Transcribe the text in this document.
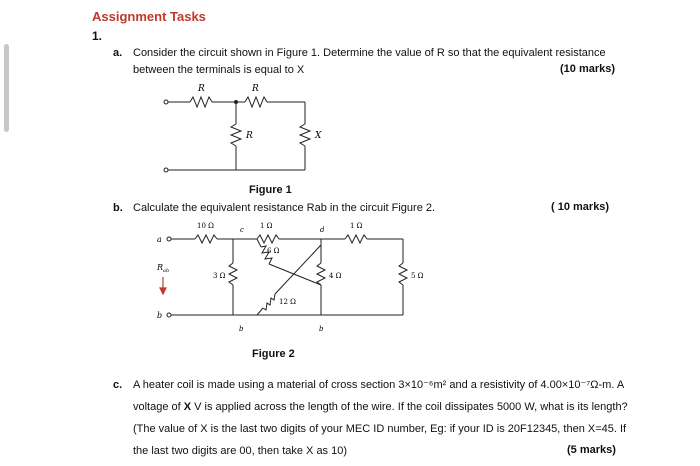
Assignment Tasks
1.
a. Consider the circuit shown in Figure 1. Determine the value of R so that the equivalent resistance
between the terminals is equal to X	(10 marks)
R	R
R	X
Figure 1
b. Calculate the equivalent resistance Rab in the circuit Figure 2.	( 10 marks)
a
b
c	d
b	b
10 Ω	1 Ω	1 Ω
6 Ω
3 Ω	4 Ω	5 Ω
12 Ω
$R_{ab}$
Figure 2
c. A heater coil is made using a material of cross section 3×10⁻⁶m² and a resistivity of 4.00×10⁻⁷Ω-m. A
voltage of X V is applied across the length of the wire. If the coil dissipates 5000 W, what is its length?
(The value of X is the last two digits of your MEC ID number, Eg: if your ID is 20F12345, then X=45. If
the last two digits are 00, then take X as 10)	(5 marks)
